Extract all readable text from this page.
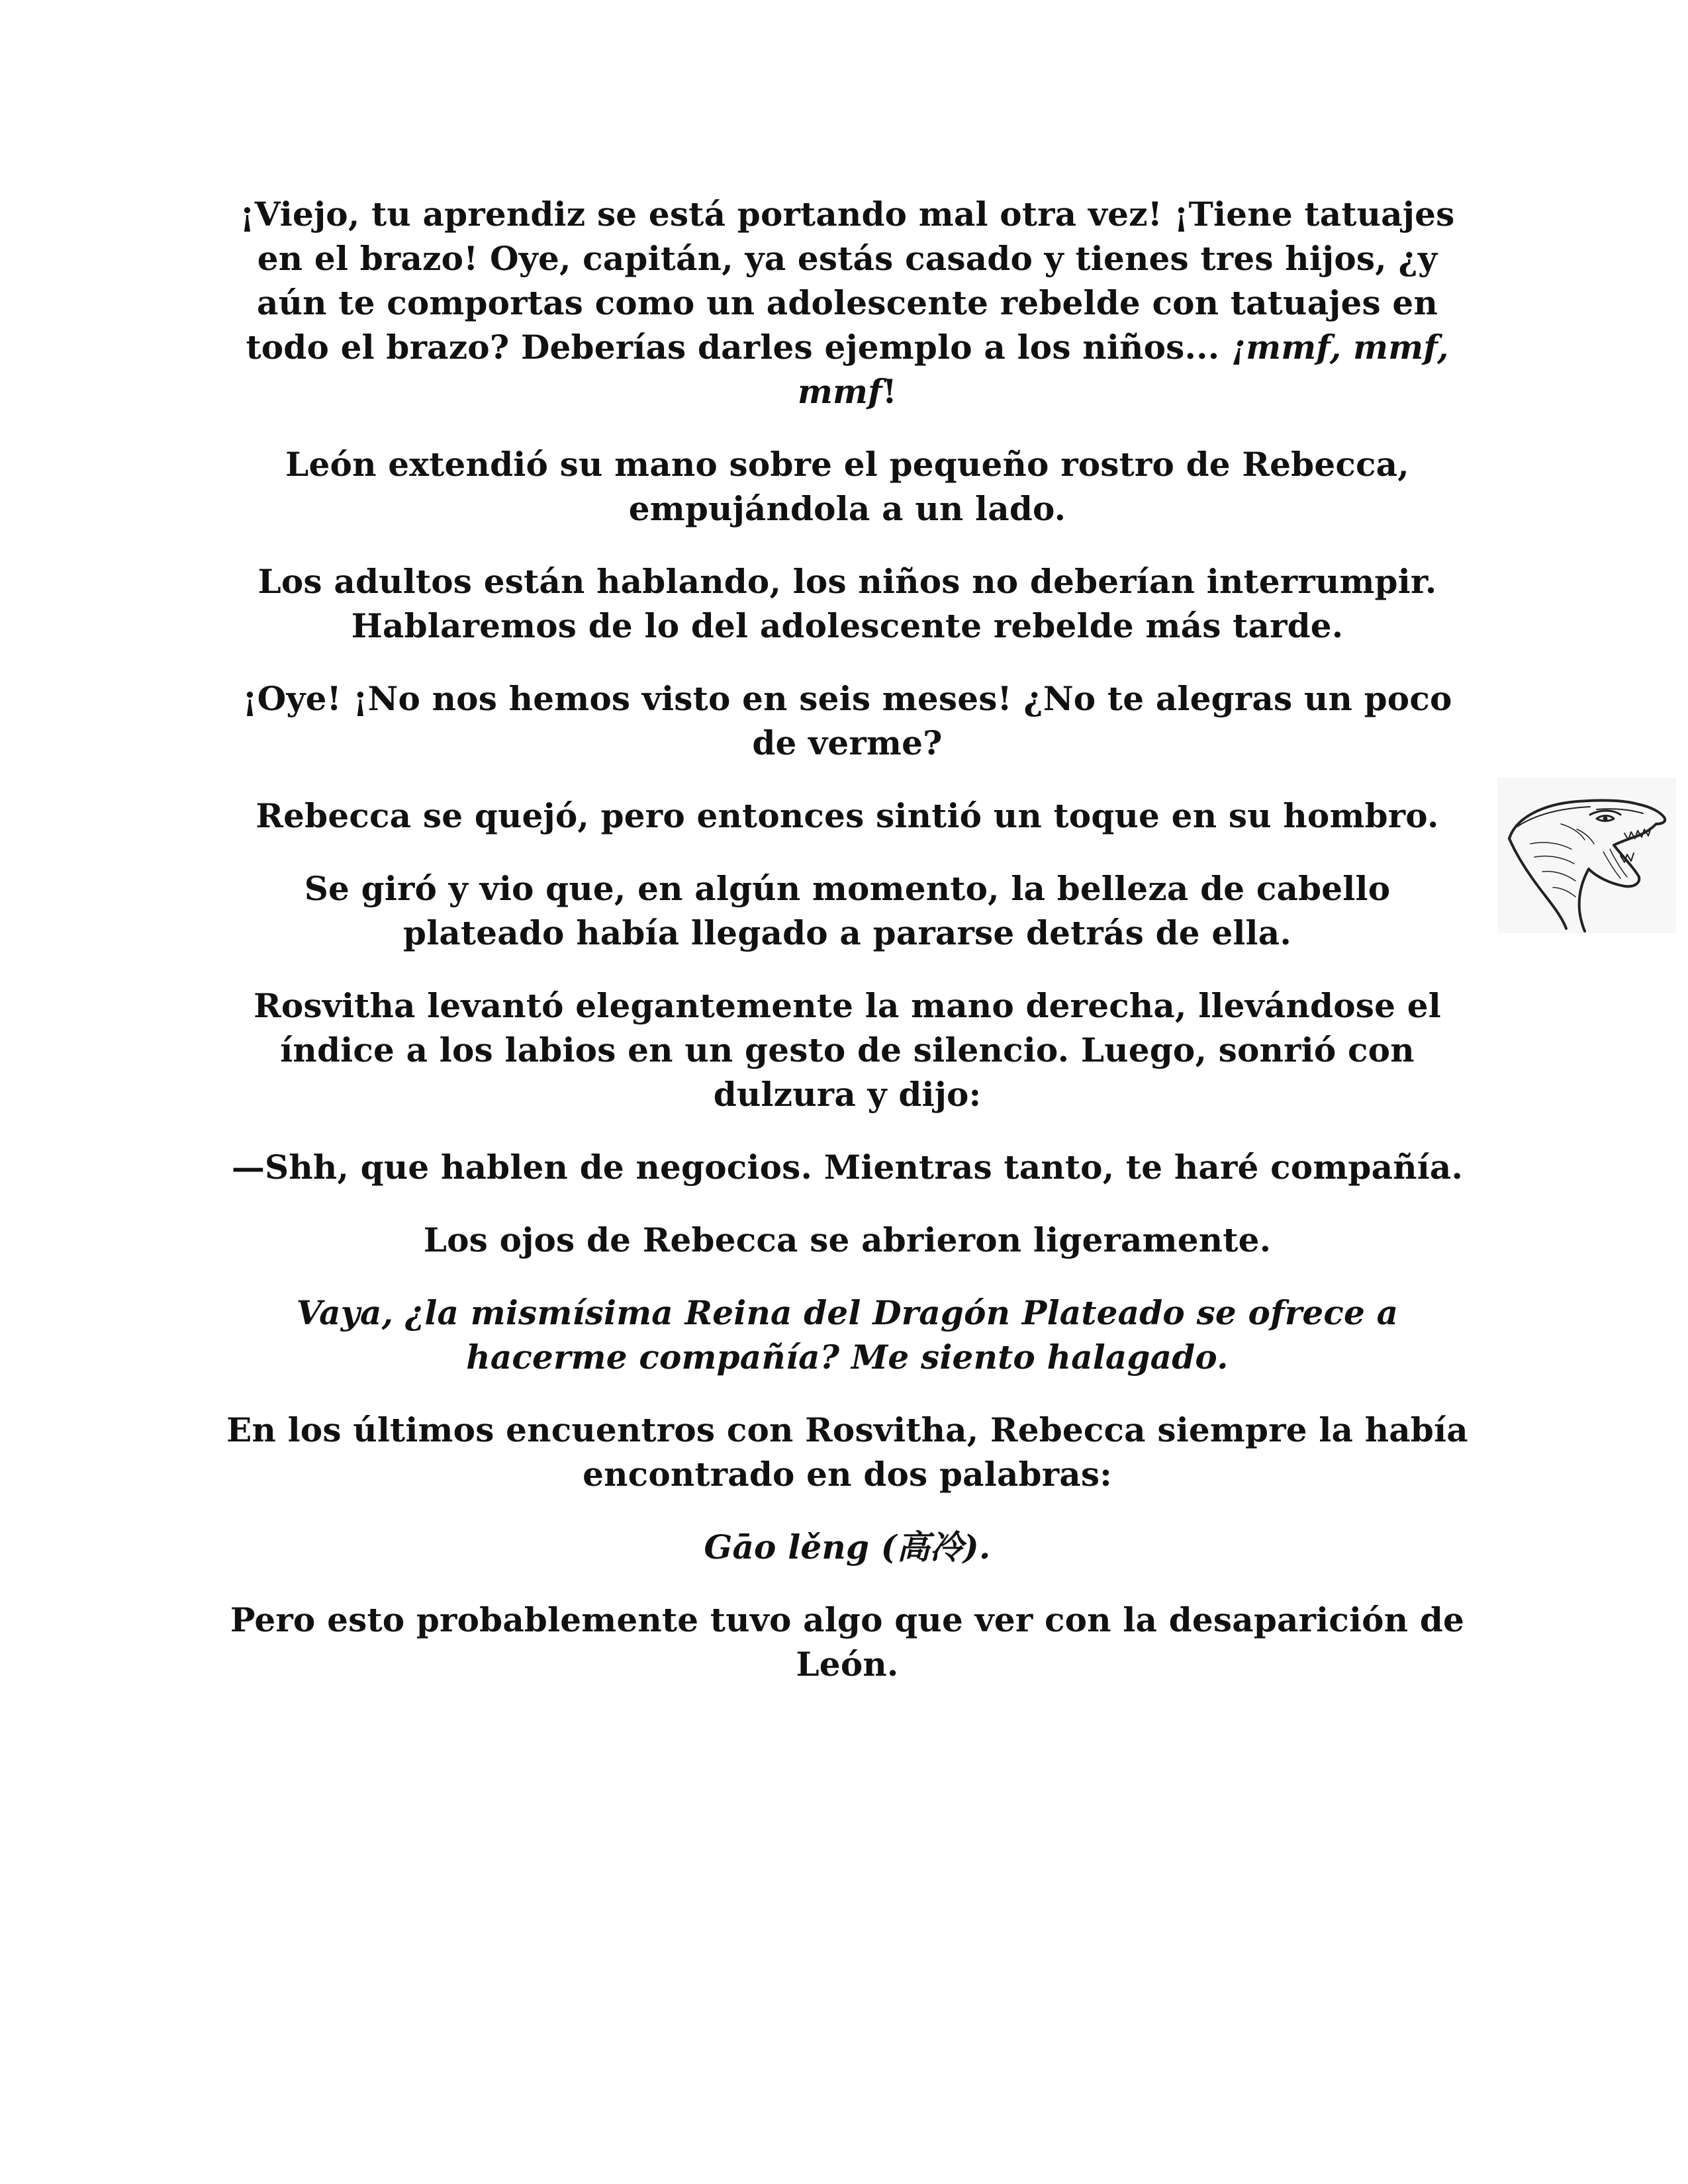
¡Viejo, tu aprendiz se está portando mal otra vez! ¡Tiene tatuajes en el brazo! Oye, capitán, ya estás casado y tienes tres hijos, ¿y aún te comportas como un adolescente rebelde con tatuajes en todo el brazo? Deberías darles ejemplo a los niños... ¡mmf, mmf, mmf!

León extendió su mano sobre el pequeño rostro de Rebecca, empujándola a un lado.

Los adultos están hablando, los niños no deberían interrumpir. Hablaremos de lo del adolescente rebelde más tarde.

¡Oye! ¡No nos hemos visto en seis meses! ¿No te alegras un poco de verme?

Rebecca se quejó, pero entonces sintió un toque en su hombro.

Se giró y vio que, en algún momento, la belleza de cabello plateado había llegado a pararse detrás de ella.

Rosvitha levantó elegantemente la mano derecha, llevándose el índice a los labios en un gesto de silencio. Luego, sonrió con dulzura y dijo:

—Shh, que hablen de negocios. Mientras tanto, te haré compañía.

Los ojos de Rebecca se abrieron ligeramente.

Vaya, ¿la mismísima Reina del Dragón Plateado se ofrece a hacerme compañía? Me siento halagado.

En los últimos encuentros con Rosvitha, Rebecca siempre la había encontrado en dos palabras:

Gāo lěng (高冷).

Pero esto probablemente tuvo algo que ver con la desaparición de León.
